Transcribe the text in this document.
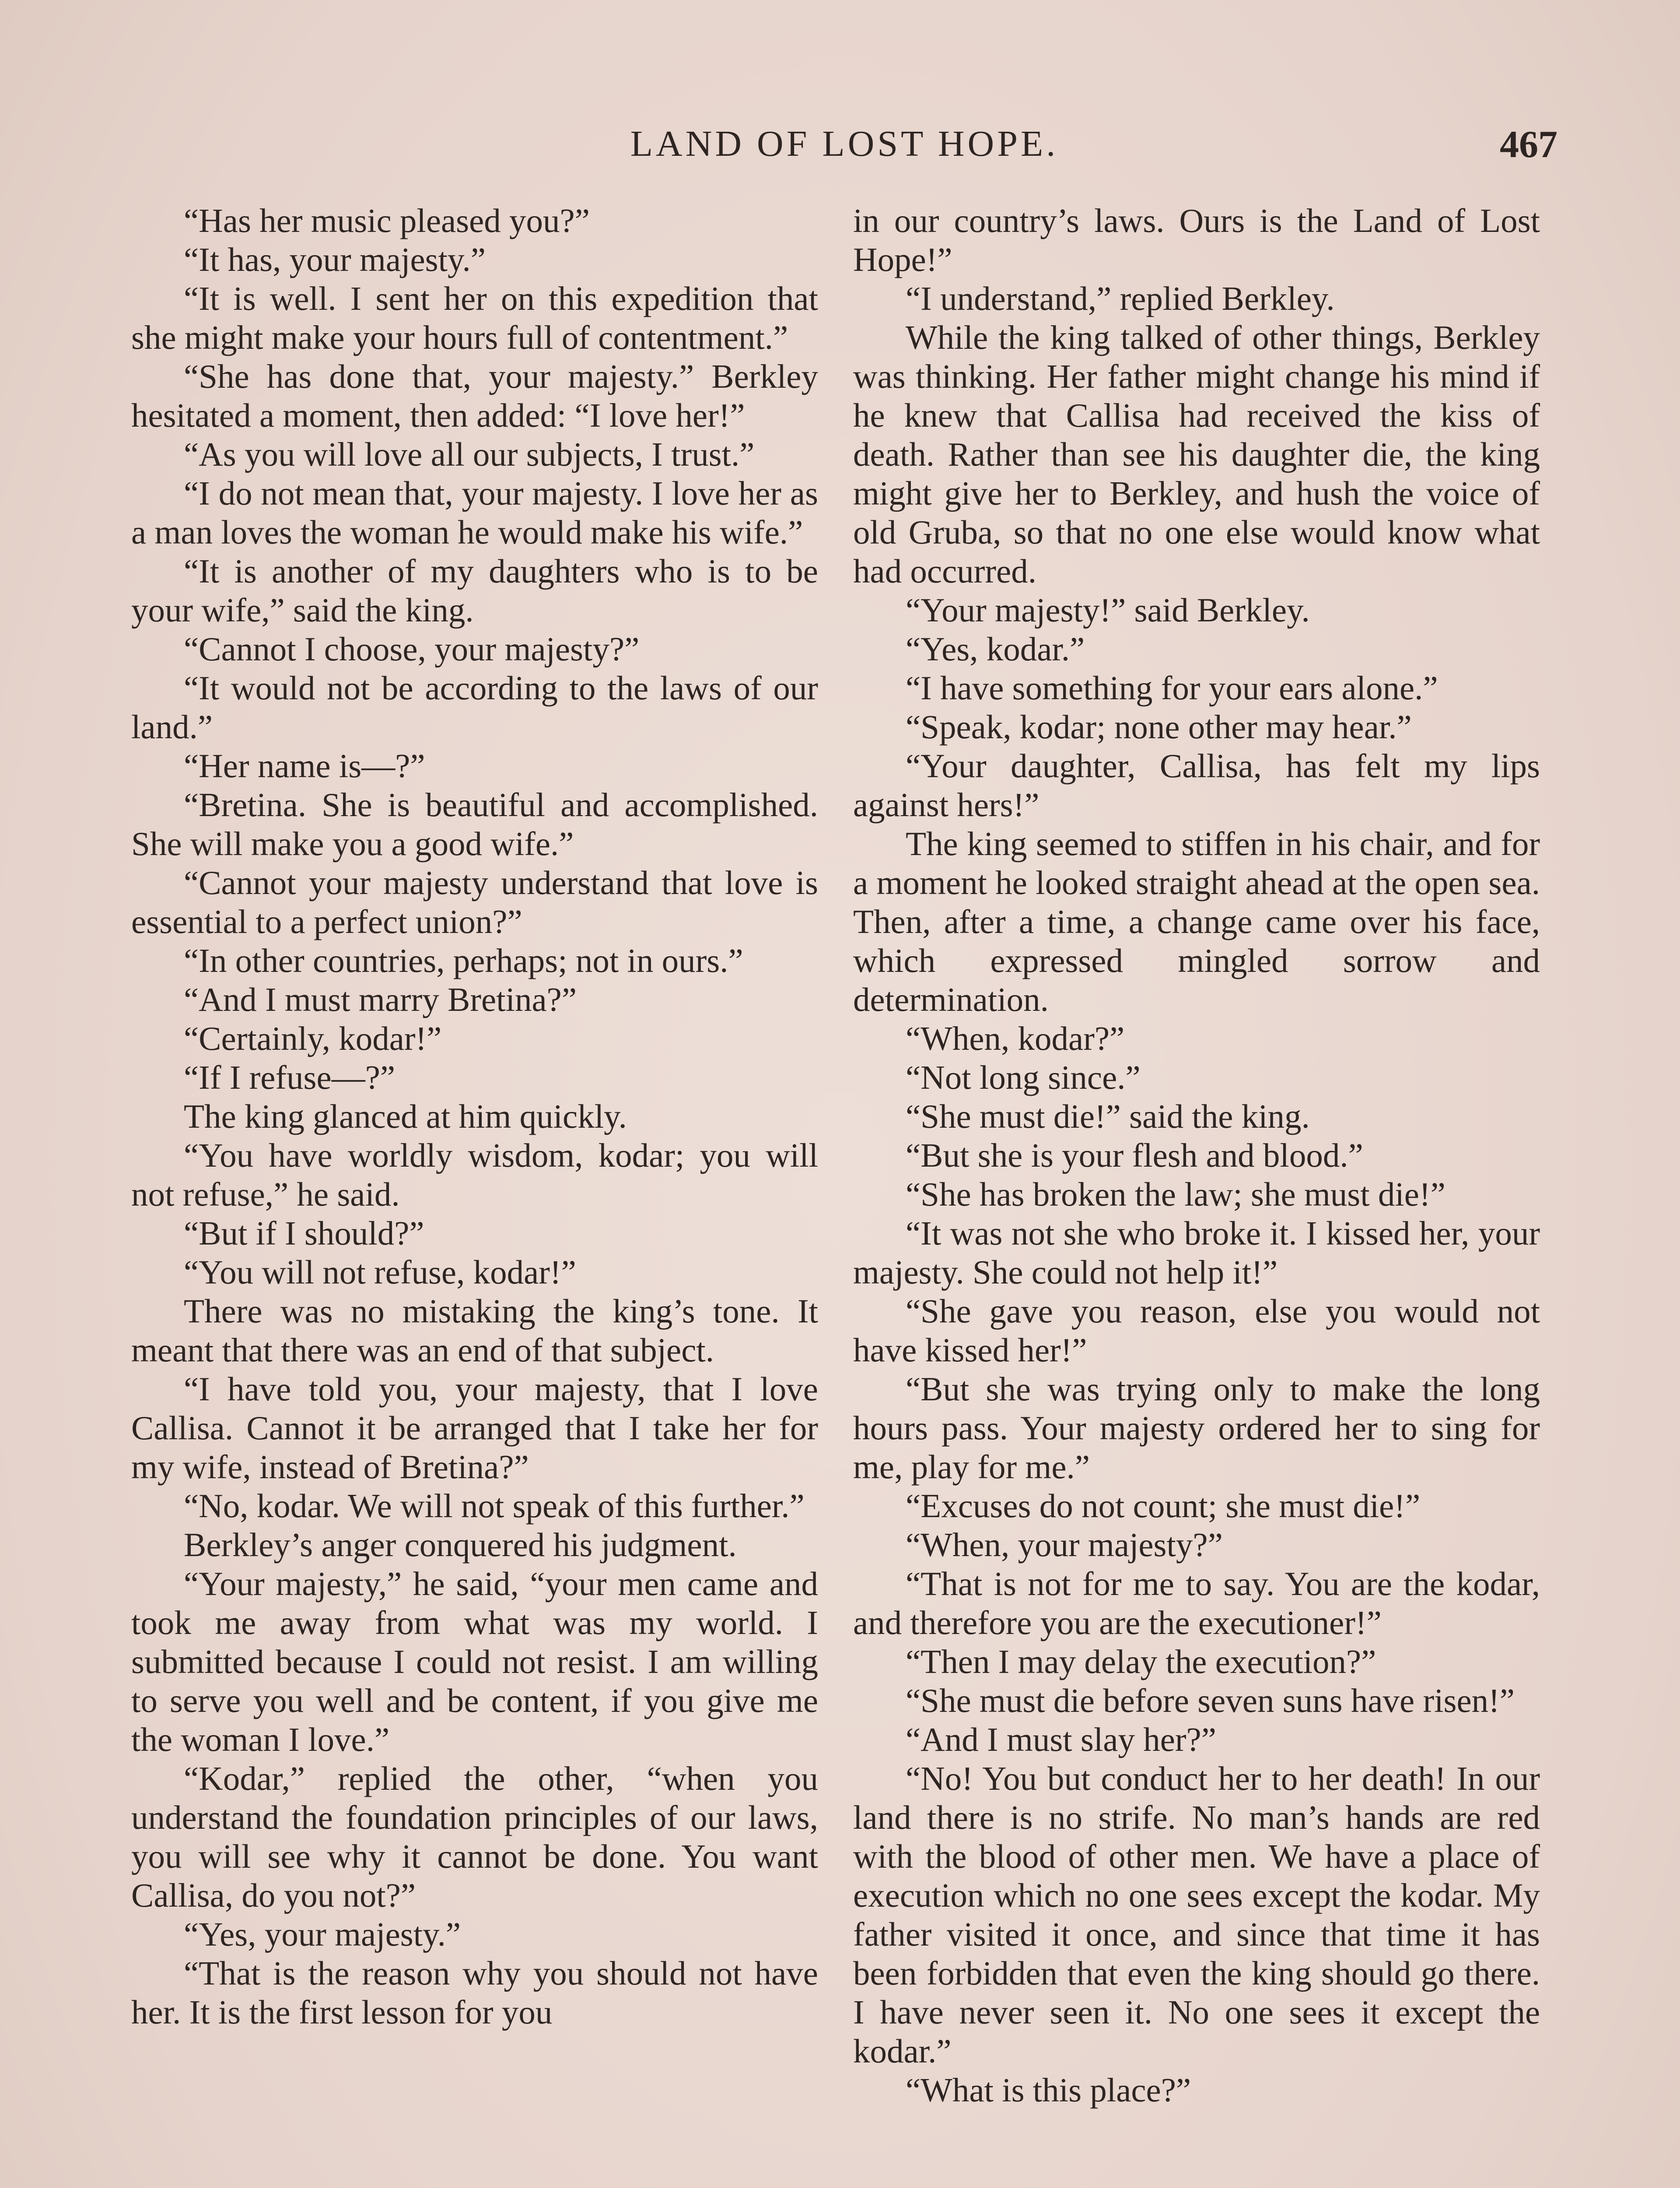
LAND OF LOST HOPE.	467

“Has her music pleased you?”

“It has, your majesty.”

“It is well. I sent her on this expedition that she might make your hours full of contentment.”

“She has done that, your majesty.” Berkley hesitated a moment, then added: “I love her!”

“As you will love all our subjects, I trust.”

“I do not mean that, your majesty. I love her as a man loves the woman he would make his wife.”

“It is another of my daughters who is to be your wife,” said the king.

“Cannot I choose, your majesty?”

“It would not be according to the laws of our land.”

“Her name is—?”

“Bretina. She is beautiful and accomplished. She will make you a good wife.”

“Cannot your majesty understand that love is essential to a perfect union?”

“In other countries, perhaps; not in ours.”

“And I must marry Bretina?”

“Certainly, kodar!”

“If I refuse—?”

The king glanced at him quickly.

“You have worldly wisdom, kodar; you will not refuse,” he said.

“But if I should?”

“You will not refuse, kodar!”

There was no mistaking the king’s tone. It meant that there was an end of that subject.

“I have told you, your majesty, that I love Callisa. Cannot it be arranged that I take her for my wife, instead of Bretina?”

“No, kodar. We will not speak of this further.”

Berkley’s anger conquered his judgment.

“Your majesty,” he said, “your men came and took me away from what was my world. I submitted because I could not resist. I am willing to serve you well and be content, if you give me the woman I love.”

“Kodar,” replied the other, “when you understand the foundation principles of our laws, you will see why it cannot be done. You want Callisa, do you not?”

“Yes, your majesty.”

“That is the reason why you should not have her. It is the first lesson for you

in our country’s laws. Ours is the Land of Lost Hope!”

“I understand,” replied Berkley.

While the king talked of other things, Berkley was thinking. Her father might change his mind if he knew that Callisa had received the kiss of death. Rather than see his daughter die, the king might give her to Berkley, and hush the voice of old Gruba, so that no one else would know what had occurred.

“Your majesty!” said Berkley.

“Yes, kodar.”

“I have something for your ears alone.”

“Speak, kodar; none other may hear.”

“Your daughter, Callisa, has felt my lips against hers!”

The king seemed to stiffen in his chair, and for a moment he looked straight ahead at the open sea. Then, after a time, a change came over his face, which expressed mingled sorrow and determination.

“When, kodar?”

“Not long since.”

“She must die!” said the king.

“But she is your flesh and blood.”

“She has broken the law; she must die!”

“It was not she who broke it. I kissed her, your majesty. She could not help it!”

“She gave you reason, else you would not have kissed her!”

“But she was trying only to make the long hours pass. Your majesty ordered her to sing for me, play for me.”

“Excuses do not count; she must die!”

“When, your majesty?”

“That is not for me to say. You are the kodar, and therefore you are the executioner!”

“Then I may delay the execution?”

“She must die before seven suns have risen!”

“And I must slay her?”

“No! You but conduct her to her death! In our land there is no strife. No man’s hands are red with the blood of other men. We have a place of execution which no one sees except the kodar. My father visited it once, and since that time it has been forbidden that even the king should go there. I have never seen it. No one sees it except the kodar.”

“What is this place?”
